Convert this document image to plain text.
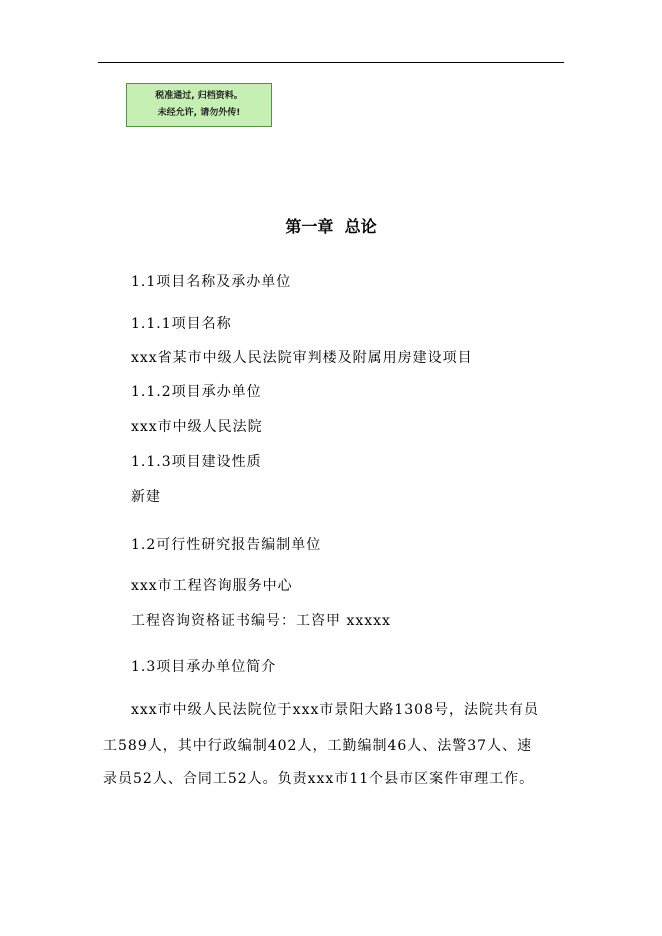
税准通过, 归档资料。
未经允许, 请勿外传!
第一章  总论
1.1项目名称及承办单位
1.1.1项目名称
xxx省某市中级人民法院审判楼及附属用房建设项目
1.1.2项目承办单位
xxx市中级人民法院
1.1.3项目建设性质
新建
1.2可行性研究报告编制单位
xxx市工程咨询服务中心
工程咨询资格证书编号：工咨甲 xxxxx
1.3项目承办单位简介
xxx市中级人民法院位于xxx市景阳大路1308号，法院共有员
工589人，其中行政编制402人，工勤编制46人、法警37人、速
录员52人、合同工52人。负责xxx市11个县市区案件审理工作。
